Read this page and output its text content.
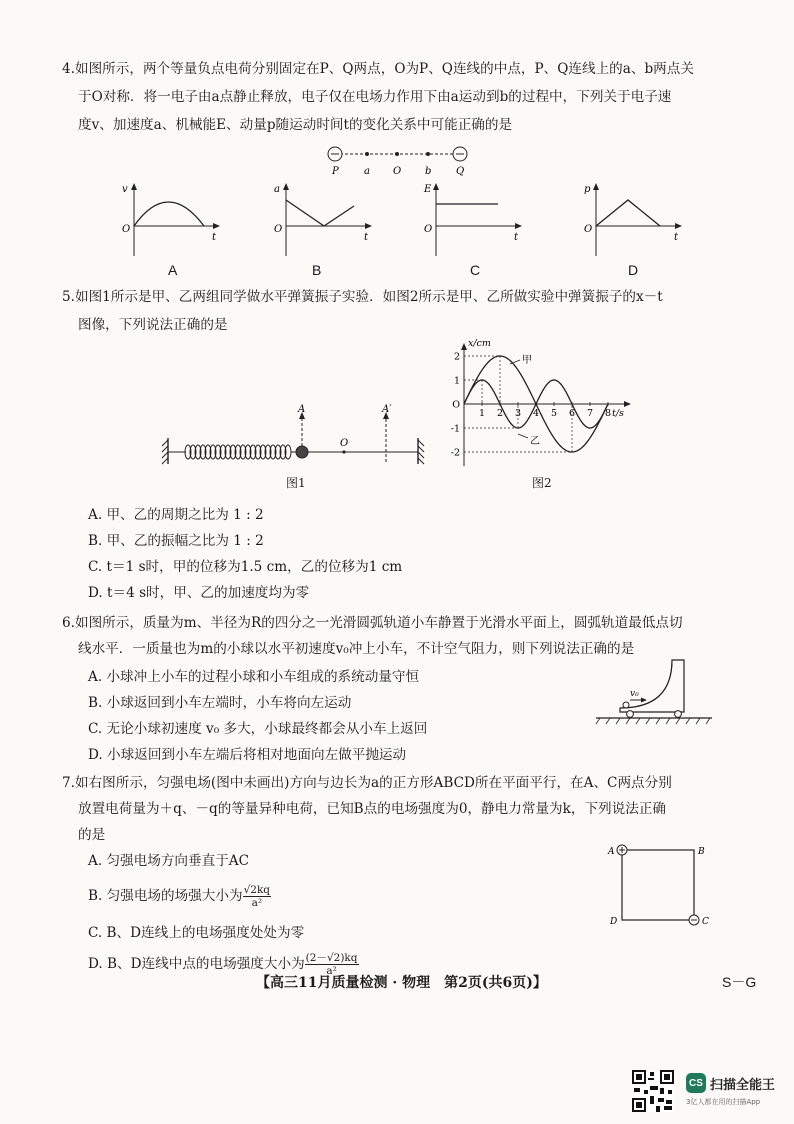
4.如图所示，两个等量负点电荷分别固定在P、Q两点，O为P、Q连线的中点，P、Q连线上的a、b两点关
于O对称．将一电子由a点静止释放，电子仅在电场力作用下由a运动到b的过程中，下列关于电子速
度v、加速度a、机械能E、动量p随运动时间t的变化关系中可能正确的是
P	a O b Q
v
O
t
A
a
O
t
B
E
O
t
C
p
O
t
D
5.如图1所示是甲、乙两组同学做水平弹簧振子实验．如图2所示是甲、乙所做实验中弹簧振子的x－t
图像，下列说法正确的是
A	A′
O
图1
x/cm
t/s
2
1
O
-1
-2
1 2 3 4 5 6 7 8
甲
乙
图2
A. 甲、乙的周期之比为 1 : 2
B. 甲、乙的振幅之比为 1 : 2
C. t＝1 s时，甲的位移为1.5 cm，乙的位移为1 cm
D. t＝4 s时，甲、乙的加速度均为零
6.如图所示，质量为m、半径为R的四分之一光滑圆弧轨道小车静置于光滑水平面上，圆弧轨道最低点切
线水平．一质量也为m的小球以水平初速度v₀冲上小车，不计空气阻力，则下列说法正确的是
A. 小球冲上小车的过程小球和小车组成的系统动量守恒
B. 小球返回到小车左端时，小车将向左运动
C. 无论小球初速度 v₀ 多大，小球最终都会从小车上返回
D. 小球返回到小车左端后将相对地面向左做平抛运动
v₀
7.如右图所示，匀强电场(图中未画出)方向与边长为a的正方形ABCD所在平面平行，在A、C两点分别
放置电荷量为＋q、－q的等量异种电荷，已知B点的电场强度为0，静电力常量为k，下列说法正确
的是
A. 匀强电场方向垂直于AC
B. 匀强电场的场强大小为 $\frac{√2kq}{\text{a²}}$
C. B、D连线上的电场强度处处为零
D. B、D连线中点的电场强度大小为 $\frac{(2-√2)kq}{\text{a²}}$
A	B
C
D
【高三11月质量检测 · 物理　第2页(共6页)】	S－G
CS 扫描全能王
3亿人都在用的扫描App
